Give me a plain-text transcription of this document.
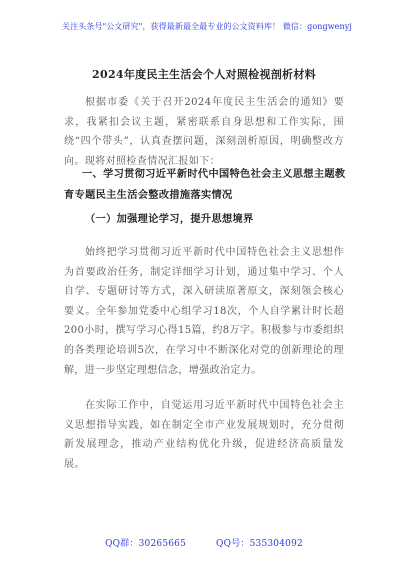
关注头条号"公文研究"，获得最新最全最专业的公文资料库！ 微信：gongwenyj
2024年度民主生活会个人对照检视剖析材料
根据市委《关于召开2024年度民主生活会的通知》要求，我紧扣会议主题，紧密联系自身思想和工作实际，围绕“四个带头”，认真查摆问题，深刻剖析原因，明确整改方向。现将对照检查情况汇报如下：
一、学习贯彻习近平新时代中国特色社会主义思想主题教育专题民主生活会整改措施落实情况
（一）加强理论学习，提升思想境界
始终把学习贯彻习近平新时代中国特色社会主义思想作为首要政治任务，制定详细学习计划，通过集中学习、个人自学、专题研讨等方式，深入研读原著原文，深刻领会核心要义。全年参加党委中心组学习18次，个人自学累计时长超200小时，撰写学习心得15篇，约8万字。积极参与市委组织的各类理论培训5次，在学习中不断深化对党的创新理论的理解，进一步坚定理想信念，增强政治定力。
在实际工作中，自觉运用习近平新时代中国特色社会主义思想指导实践，如在制定全市产业发展规划时，充分贯彻新发展理念，推动产业结构优化升级，促进经济高质量发展。
QQ群：30265665	QQ号：535304092
